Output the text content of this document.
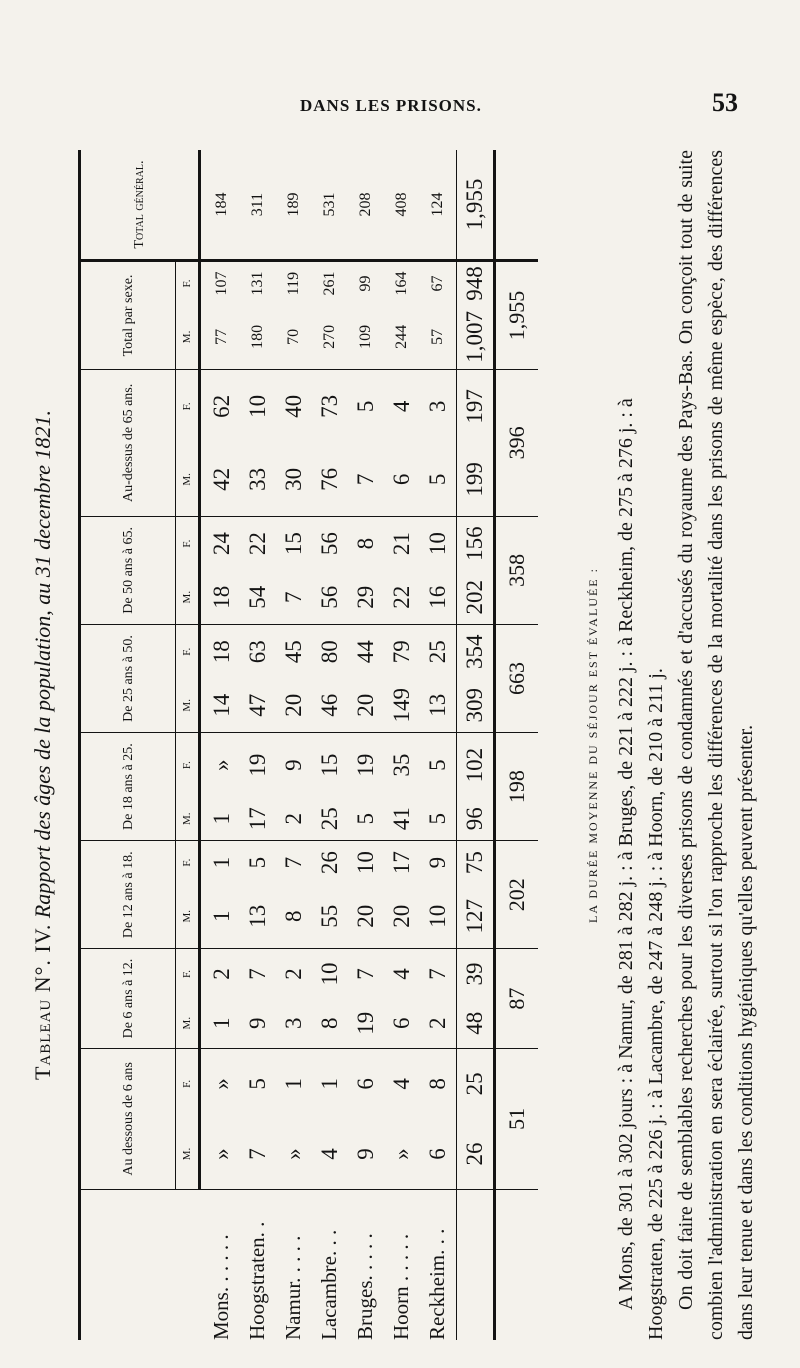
DANS LES PRISONS.	53
Tableau N°. IV. Rapport des âges de la population, au 31 decembre 1821.
	Au dessous de 6 ans		De 6 ans à 12.		De 12 ans à 18.		De 18 ans à 25.		De 25 ans à 50.		De 50 ans à 65.		Au-dessus de 65 ans.		Total par sexe.		Total général.
	M.	F.	M.	F.	M.	F.	M.	F.	M.	F.	M.	F.	M.	F.	M.	F.	
Mons. . . . . .	»	»	1	2	1	1	1	»	14	18	18	24	42	62	77	107	184
Hoogstraten. .	7	5	9	7	13	5	17	19	47	63	54	22	33	10	180	131	311
Namur. . . . .	»	1	3	2	8	7	2	9	20	45	7	15	30	40	70	119	189
Lacambre. . .	4	1	8	10	55	26	25	15	46	80	56	56	76	73	270	261	531
Bruges. . . . .	9	6	19	7	20	10	5	19	20	44	29	8	7	5	109	99	208
Hoorn . . . . .	»	4	6	4	20	17	41	35	149	79	22	21	6	4	244	164	408
Reckheim. . .	6	8	2	7	10	9	5	5	13	25	16	10	5	3	57	67	124
	26	25	48	39	127	75	96	102	309	354	202	156	199	197	1,007	948	1,955
	51		87		202		198		663		358		396		1,955		
LA DURÉE MOYENNE DU SÉJOUR EST ÉVALUÉE : A Mons, de 301 à 302 jours : à Namur, de 281 à 282 j. : à Bruges, de 221 à 222 j. : à Reckheim, de 275 à 276 j. : à Hoogstraten, de 225 à 226 j. : à Lacambre, de 247 à 248 j. : à Hoorn, de 210 à 211 j. On doit faire de semblables recherches pour les diverses prisons de condamnés et d'accusés du royaume des Pays-Bas. On conçoit tout de suite combien l'administration en sera éclairée, surtout si l'on rapproche les différences de la mortalité dans les prisons de même espèce, des différences dans leur tenue et dans les conditions hygiéniques qu'elles peuvent présenter.
